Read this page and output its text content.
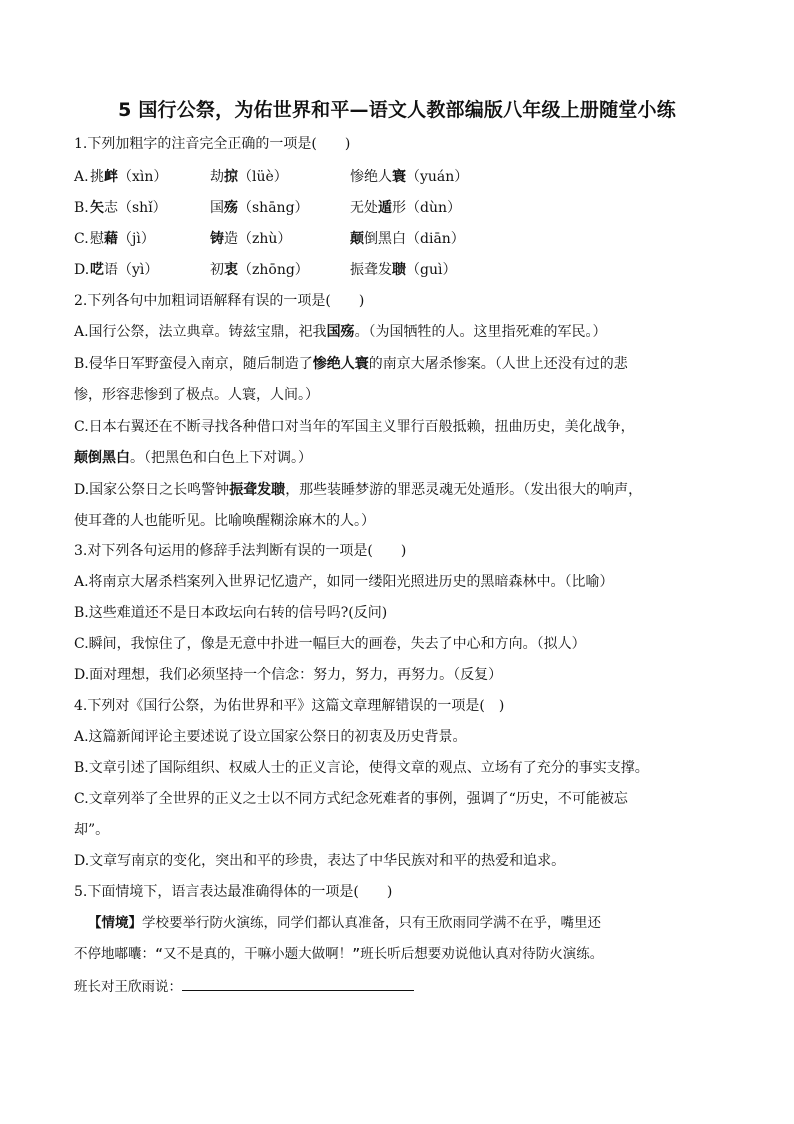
5 国行公祭，为佑世界和平—语文人教部编版八年级上册随堂小练
1.下列加粗字的注音完全正确的一项是(　　)
A. 挑衅（xìn）	劫掠（lüè）	惨绝人寰（yuán）
B. 矢志（shǐ）	国殇（shāng）	无处遁形（dùn）
C. 慰藉（jì）	铸造（zhù）	颠倒黑白（diān）
D. 呓语（yì）	初衷（zhōng）	振聋发聩（guì）
2.下列各句中加粗词语解释有误的一项是(　　)
A.国行公祭，法立典章。铸兹宝鼎，祀我国殇。（为国牺牲的人。这里指死难的军民。）
B.侵华日军野蛮侵入南京，随后制造了惨绝人寰的南京大屠杀惨案。（人世上还没有过的悲
惨，形容悲惨到了极点。人寰，人间。）
C.日本右翼还在不断寻找各种借口对当年的军国主义罪行百般抵赖，扭曲历史，美化战争，
颠倒黑白。（把黑色和白色上下对调。）
D.国家公祭日之长鸣警钟振聋发聩，那些装睡梦游的罪恶灵魂无处遁形。（发出很大的响声，
使耳聋的人也能听见。比喻唤醒糊涂麻木的人。）
3.对下列各句运用的修辞手法判断有误的一项是(　　)
A.将南京大屠杀档案列入世界记忆遗产，如同一缕阳光照进历史的黑暗森林中。（比喻）
B.这些难道还不是日本政坛向右转的信号吗?(反问)
C.瞬间，我惊住了，像是无意中扑进一幅巨大的画卷，失去了中心和方向。（拟人）
D.面对理想，我们必须坚持一个信念：努力，努力，再努力。（反复）
4.下列对《国行公祭，为佑世界和平》这篇文章理解错误的一项是(　)
A.这篇新闻评论主要述说了设立国家公祭日的初衷及历史背景。
B.文章引述了国际组织、权威人士的正义言论，使得文章的观点、立场有了充分的事实支撑。
C.文章列举了全世界的正义之士以不同方式纪念死难者的事例，强调了“历史，不可能被忘
却”。
D.文章写南京的变化，突出和平的珍贵，表达了中华民族对和平的热爱和追求。
5.下面情境下，语言表达最准确得体的一项是(　　)
【情境】学校要举行防火演练，同学们都认真准备，只有王欣雨同学满不在乎，嘴里还
不停地嘟囔：“又不是真的，干嘛小题大做啊！”班长听后想要劝说他认真对待防火演练。
班长对王欣雨说：
